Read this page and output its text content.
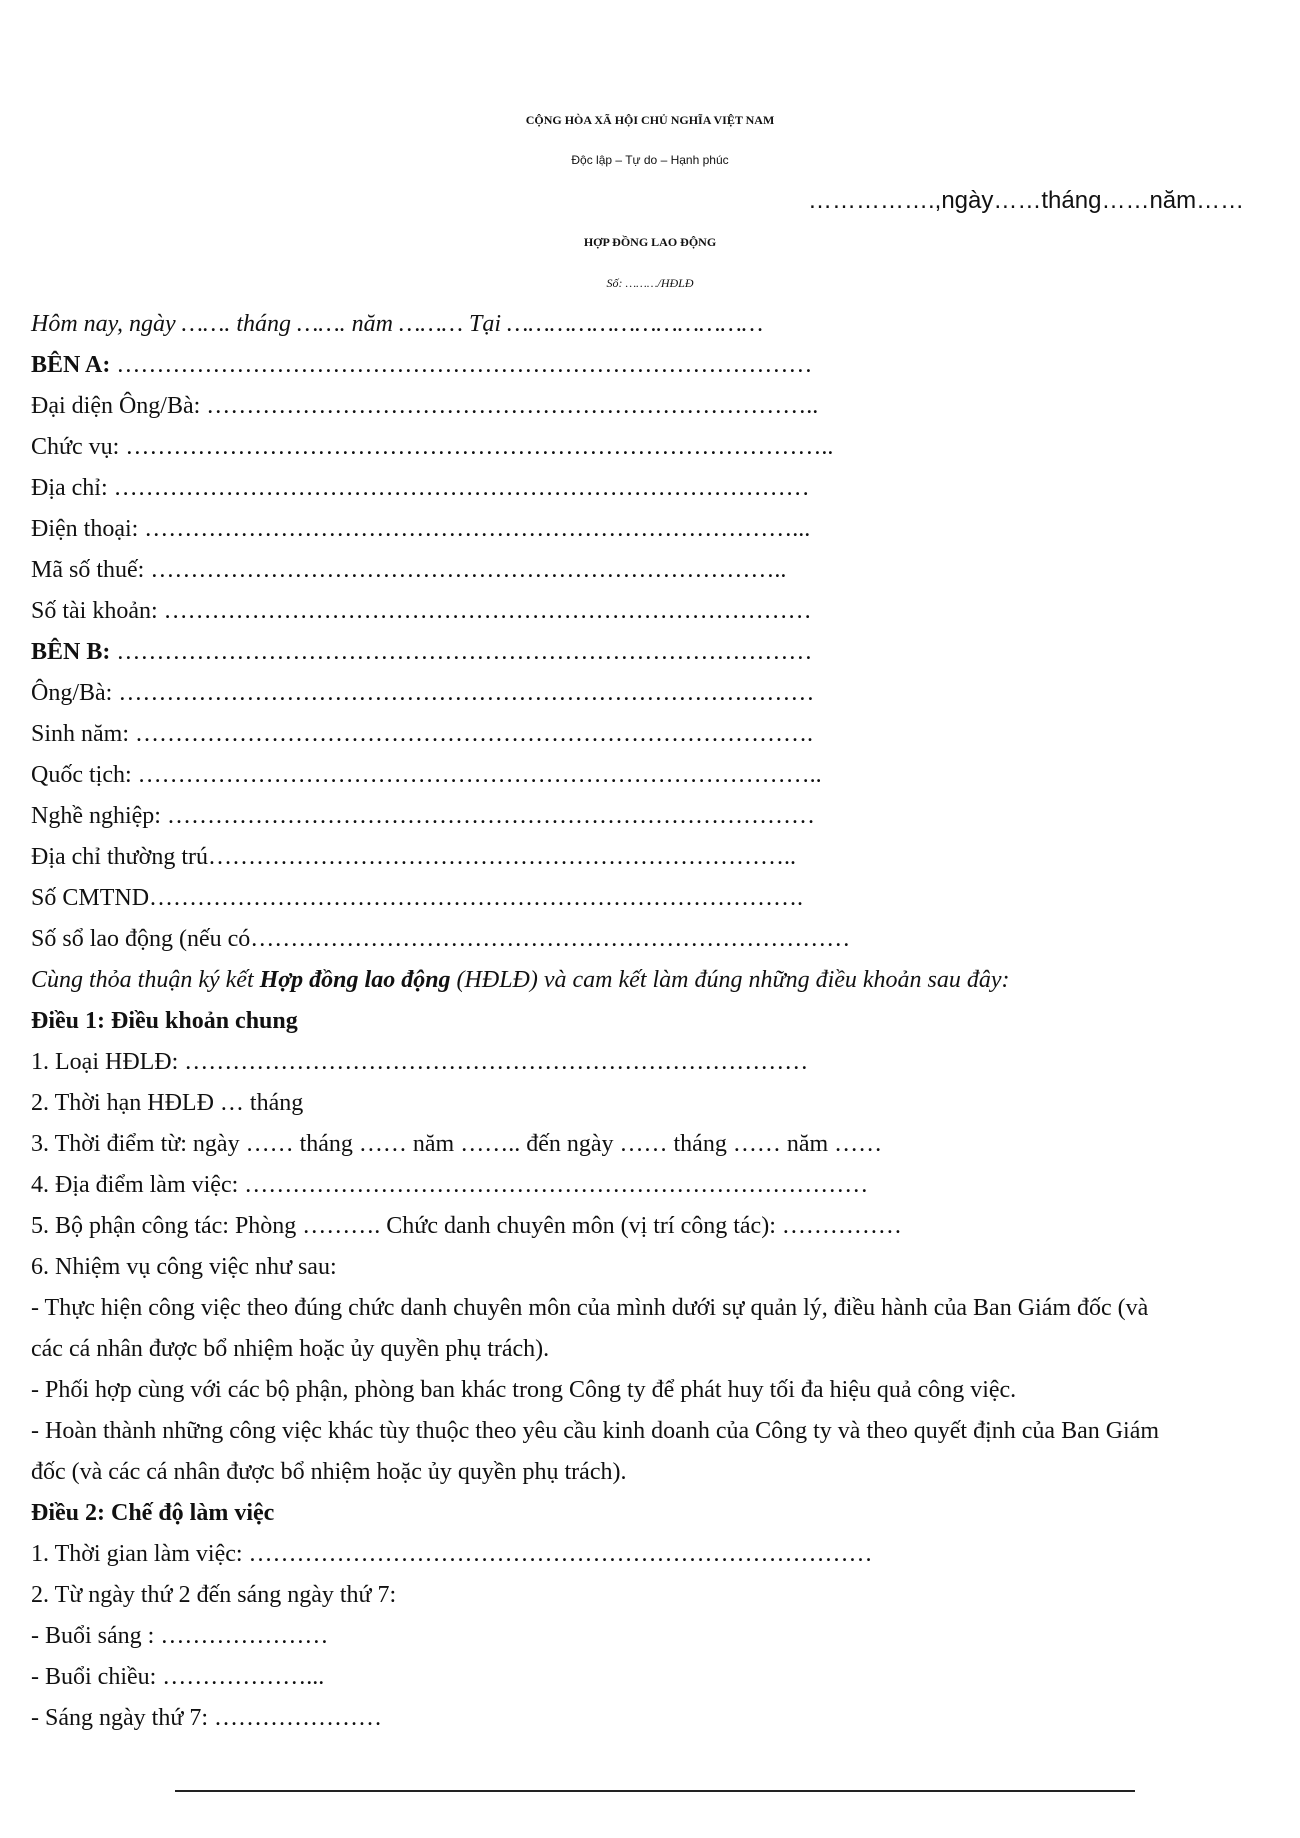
CỘNG HÒA XÃ HỘI CHỦ NGHĨA VIỆT NAM
Độc lập – Tự do – Hạnh phúc
…………….,ngày……tháng……năm……
HỢP ĐỒNG LAO ĐỘNG
Số: ………/HĐLĐ
Hôm nay, ngày ……. tháng ……. năm ……… Tại ………………………………
BÊN A: ……………………………………………………………………………
Đại diện Ông/Bà: …………………………………………………………………..
Chức vụ: ……………………………………………………………………………..
Địa chỉ: ……………………………………………………………………………
Điện thoại: ………………………………………………………………………...
Mã số thuế: ……………………………………………………………………..
Số tài khoản: ………………………………………………………………………
BÊN B: ……………………………………………………………………………
Ông/Bà: ……………………………………………………………………………
Sinh năm: ………………………………………………………………………….
Quốc tịch: …………………………………………………………………………..
Nghề nghiệp: ………………………………………………………………………
Địa chỉ thường trú………………………………………………………………..
Số CMTND……………………………………………………………………….
Số sổ lao động (nếu có…………………………………………………………………
Cùng thỏa thuận ký kết Hợp đồng lao động (HĐLĐ) và cam kết làm đúng những điều khoản sau đây:
Điều 1: Điều khoản chung
1. Loại HĐLĐ: ……………………………………………………………………
2. Thời hạn HĐLĐ … tháng
3. Thời điểm từ: ngày …… tháng …… năm …….. đến ngày …… tháng …… năm ……
4. Địa điểm làm việc: ……………………………………………………………………
5. Bộ phận công tác: Phòng ………. Chức danh chuyên môn (vị trí công tác): ……………
6. Nhiệm vụ công việc như sau:
- Thực hiện công việc theo đúng chức danh chuyên môn của mình dưới sự quản lý, điều hành của Ban Giám đốc (và
các cá nhân được bổ nhiệm hoặc ủy quyền phụ trách).
- Phối hợp cùng với các bộ phận, phòng ban khác trong Công ty để phát huy tối đa hiệu quả công việc.
- Hoàn thành những công việc khác tùy thuộc theo yêu cầu kinh doanh của Công ty và theo quyết định của Ban Giám
đốc (và các cá nhân được bổ nhiệm hoặc ủy quyền phụ trách).
Điều 2: Chế độ làm việc
1. Thời gian làm việc: ……………………………………………………………………
2. Từ ngày thứ 2 đến sáng ngày thứ 7:
- Buổi sáng : …………………
- Buổi chiều: ………………...
- Sáng ngày thứ 7: …………………
